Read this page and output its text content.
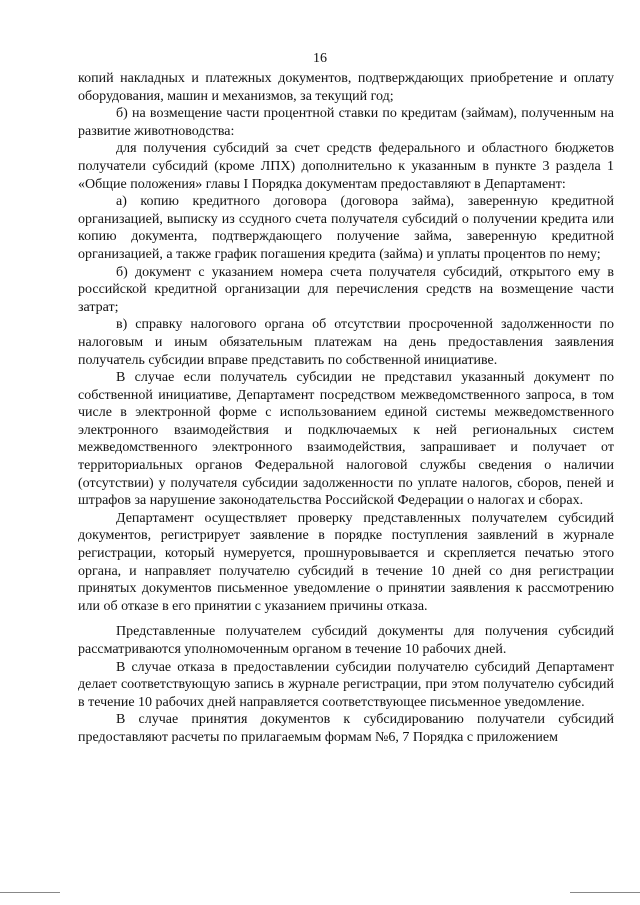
16

копий накладных и платежных документов, подтверждающих приобретение и оплату оборудования, машин и механизмов, за текущий год;

б) на возмещение части процентной ставки по кредитам (займам), полученным на развитие животноводства:

для получения субсидий за счет средств федерального и областного бюджетов получатели субсидий (кроме ЛПХ) дополнительно к указанным в пункте 3 раздела 1 «Общие положения» главы I Порядка документам предоставляют в Департамент:

а) копию кредитного договора (договора займа), заверенную кредитной организацией, выписку из ссудного счета получателя субсидий о получении кредита или копию документа, подтверждающего получение займа, заверенную кредитной организацией, а также график погашения кредита (займа) и уплаты процентов по нему;

б) документ с указанием номера счета получателя субсидий, открытого ему в российской кредитной организации для перечисления средств на возмещение части затрат;

в) справку налогового органа об отсутствии просроченной задолженности по налоговым и иным обязательным платежам на день предоставления заявления получатель субсидии вправе представить по собственной инициативе.

В случае если получатель субсидии не представил указанный документ по собственной инициативе, Департамент посредством межведомственного запроса, в том числе в электронной форме с использованием единой системы межведомственного электронного взаимодействия и подключаемых к ней региональных систем межведомственного электронного взаимодействия, запрашивает и получает от территориальных органов Федеральной налоговой службы сведения о наличии (отсутствии) у получателя субсидии задолженности по уплате налогов, сборов, пеней и штрафов за нарушение законодательства Российской Федерации о налогах и сборах.

Департамент осуществляет проверку представленных получателем субсидий документов, регистрирует заявление в порядке поступления заявлений в журнале регистрации, который нумеруется, прошнуровывается и скрепляется печатью этого органа, и направляет получателю субсидий в течение 10 дней со дня регистрации принятых документов письменное уведомление о принятии заявления к рассмотрению или об отказе в его принятии с указанием причины отказа.

Представленные получателем субсидий документы для получения субсидий рассматриваются уполномоченным органом в течение 10 рабочих дней.

В случае отказа в предоставлении субсидии получателю субсидий Департамент делает соответствующую запись в журнале регистрации, при этом получателю субсидий в течение 10 рабочих дней направляется соответствующее письменное уведомление.

В случае принятия документов к субсидированию получатели субсидий предоставляют расчеты по прилагаемым формам №6, 7 Порядка с приложением
